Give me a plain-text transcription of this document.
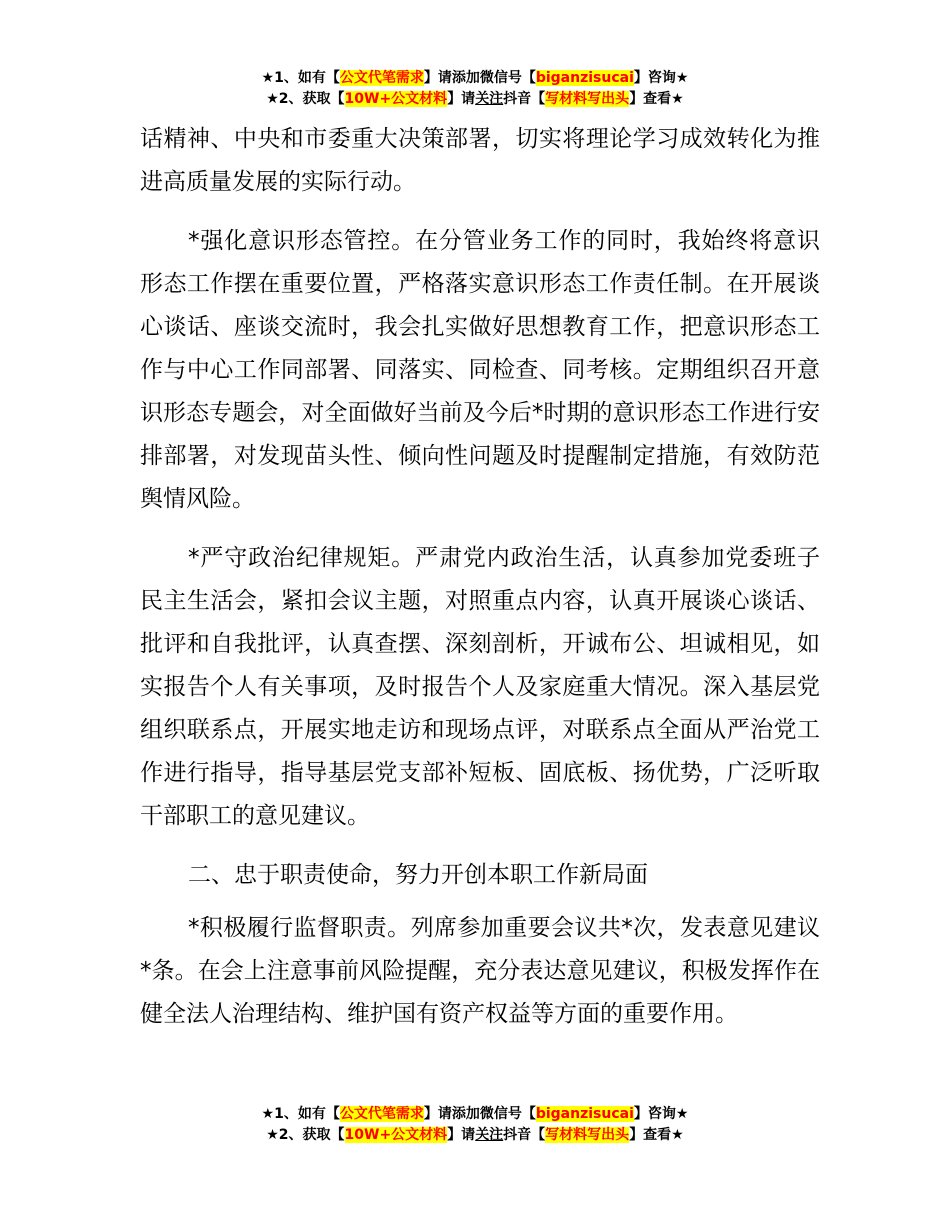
★1、如有【公文代笔需求】请添加微信号【biganzisucai】咨询★
★2、获取【10W+公文材料】请关注抖音【写材料写出头】查看★

话精神、中央和市委重大决策部署，切实将理论学习成效转化为推进高质量发展的实际行动。

*强化意识形态管控。在分管业务工作的同时，我始终将意识形态工作摆在重要位置，严格落实意识形态工作责任制。在开展谈心谈话、座谈交流时，我会扎实做好思想教育工作，把意识形态工作与中心工作同部署、同落实、同检查、同考核。定期组织召开意识形态专题会，对全面做好当前及今后*时期的意识形态工作进行安排部署，对发现苗头性、倾向性问题及时提醒制定措施，有效防范舆情风险。

*严守政治纪律规矩。严肃党内政治生活，认真参加党委班子民主生活会，紧扣会议主题，对照重点内容，认真开展谈心谈话、批评和自我批评，认真查摆、深刻剖析，开诚布公、坦诚相见，如实报告个人有关事项，及时报告个人及家庭重大情况。深入基层党组织联系点，开展实地走访和现场点评，对联系点全面从严治党工作进行指导，指导基层党支部补短板、固底板、扬优势，广泛听取干部职工的意见建议。

二、忠于职责使命，努力开创本职工作新局面

*积极履行监督职责。列席参加重要会议共*次，发表意见建议*条。在会上注意事前风险提醒，充分表达意见建议，积极发挥作在健全法人治理结构、维护国有资产权益等方面的重要作用。

★1、如有【公文代笔需求】请添加微信号【biganzisucai】咨询★
★2、获取【10W+公文材料】请关注抖音【写材料写出头】查看★
